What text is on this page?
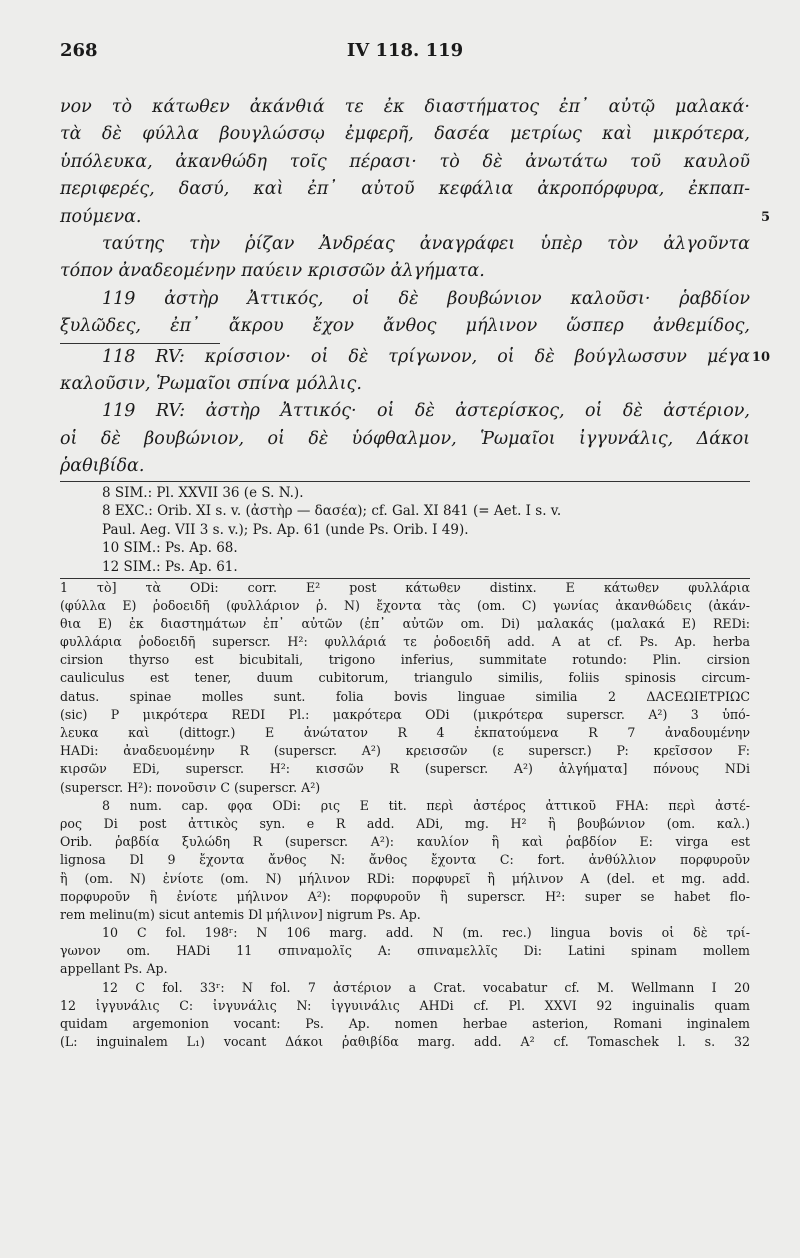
268	IV 118. 119
νον τὸ κάτωθεν ἀκάνθιά τε ἐκ διαστήματος ἐπ᾽ αὐτῷ μαλακά·
τὰ δὲ φύλλα βουγλώσσῳ ἐμφερῆ, δασέα μετρίως καὶ μικρότερα,
ὑπόλευκα, ἀκανθώδη τοῖς πέρασι· τὸ δὲ ἀνωτάτω τοῦ καυλοῦ
περιφερές, δασύ, καὶ ἐπ᾽ αὐτοῦ κεφάλια ἀκροπόρφυρα, ἐκπαπ-
πούμενα.	5
ταύτης τὴν ῥίζαν Ἀνδρέας ἀναγράφει ὑπὲρ τὸν ἀλγοῦντα
τόπον ἀναδεομένην παύειν κρισσῶν ἀλγήματα.
119 ἀστὴρ Ἀττικός, οἱ δὲ βουβώνιον καλοῦσι· ῥαβδίον
ξυλῶδες, ἐπ᾽ ἄκρου ἔχον ἄνθος μήλινον ὥσπερ ἀνθεμίδος,
118 RV: κρίσσιον· οἱ δὲ τρίγωνον, οἱ δὲ βούγλωσσυν μέγα 10
καλοῦσιν, Ῥωμαῖοι σπίνα μόλλις.
119 RV: ἀστὴρ Ἀττικός· οἱ δὲ ἀστερίσκος, οἱ δὲ ἀστέριον,
οἱ δὲ βουβώνιον, οἱ δὲ ὑόφθαλμον, Ῥωμαῖοι ἰγγυνάλις, Δάκοι
ῥαθιβίδα.
8 SIM.: Pl. XXVII 36 (e S. N.).
8 EXC.: Orib. XI s. v. (ἀστὴρ — δασέα); cf. Gal. XI 841 (= Aet. I s. v.
Paul. Aeg. VII 3 s. v.); Ps. Ap. 61 (unde Ps. Orib. I 49).
10 SIM.: Ps. Ap. 68.
12 SIM.: Ps. Ap. 61.
1 τὸ] τὰ ODi: corr. E² post κάτωθεν distinx. E κάτωθεν φυλλάρια
(φύλλα E) ῥοδοειδῆ (φυλλάριον ῥ. N) ἔχοντα τὰς (om. C) γωνίας ἀκανθώδεις (ἀκάν-
θια E) ἐκ διαστημάτων ἐπ᾽ αὐτῶν (ἐπ᾽ αὐτῶν om. Di) μαλακάς (μαλακά E) REDi:
φυλλάρια ῥοδοειδῆ superscr. H²: φυλλάριά τε ῥοδοειδῆ add. A at cf. Ps. Ap. herba
cirsion thyrso est bicubitali, trigono inferius, summitate rotundo: Plin. cirsion
cauliculus est tener, duum cubitorum, triangulo similis, foliis spinosis circum-
datus. spinae molles sunt. folia bovis linguae similia 2 ΔΑϹΕΩΙΕΤΡΙΩϹ
(sic) P μικρότερα REDI Pl.: μακρότερα ODi (μικρότερα superscr. A²) 3 ὑπό-
λευκα καὶ (dittogr.) E ἀνώτατον R 4 ἐκπατούμενα R 7 ἀναδουμένην
HADi: ἀναδευομένην R (superscr. A²) κρεισσῶν (ε superscr.) P: κρεῖσσον F:
κιρσῶν EDi, superscr. H²: κισσῶν R (superscr. A²) ἀλγήματα] πόνους NDi
(superscr. H²): πονοῦσιν C (superscr. A²)
8 num. cap. φϙα ODi: ρις E tit. περὶ ἀστέρος ἀττικοῦ FHA: περὶ ἀστέ-
ρος Di post ἀττικὸς syn. e R add. ADi, mg. H² ἢ βουβώνιον (om. καλ.)
Orib. ῥαβδία ξυλώδη R (superscr. A²): καυλίον ἢ καὶ ῥαβδίον E: virga est
lignosa Dl 9 ἔχοντα ἄνθος N: ἄνθος ἔχοντα C: fort. ἀνθύλλιον πορφυροῦν
ἢ (om. N) ἐνίοτε (om. N) μήλινον RDi: πορφυρεῖ ἢ μήλινον A (del. et mg. add.
πορφυροῦν ἢ ἐνίοτε μήλινον A²): πορφυροῦν ἢ superscr. H²: super se habet flo-
rem melinu(m) sicut antemis Dl μήλινον] nigrum Ps. Ap.
10 C fol. 198ʳ: N 106 marg. add. N (m. rec.) lingua bovis οἱ δὲ τρί-
γωνον om. HADi 11 σπιναμολῖς A: σπιναμελλῖς Di: Latini spinam mollem
appellant Ps. Ap.
12 C fol. 33ʳ: N fol. 7 ἀστέριον a Crat. vocabatur cf. M. Wellmann I 20
12 ἰγγυνάλις C: ἰνγυνάλις N: ἰγγυινάλις AHDi cf. Pl. XXVI 92 inguinalis quam
quidam argemonion vocant: Ps. Ap. nomen herbae asterion, Romani inginalem
(L: inguinalem L₁) vocant Δάκοι ῥαθιβίδα marg. add. A² cf. Tomaschek l. s. 32
